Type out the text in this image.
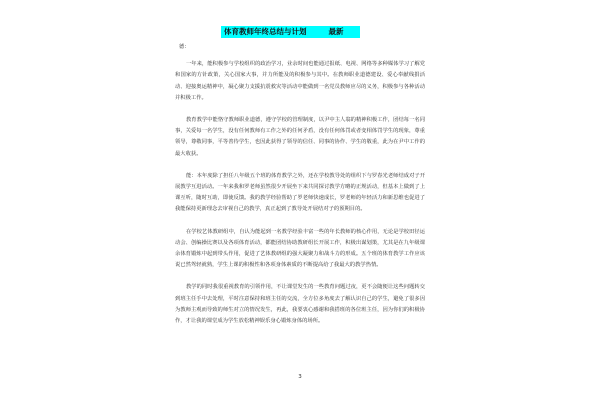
体育教师年终总结与计划	最新

德：

一年来，能积极参与学校组织的政治学习，业余时间也能通过报纸、电视、网络等多种媒体学习了解党和国家的方针政策，关心国家大事，并力所能及的积极参与其中。在教师职业道德建设、爱心奉献线捐活动、迎接奥运精神中，凝心聚力支援抗震救灾等活动中能做到一名党员教师应尽的义务，积极参与各种活动并积极工作。

教育教学中能恪守教师职业道德，遵守学校的管理制度，以尹中主人翁的精神积极工作，团结每一名同事，关爱每一名学生，没有任何教师有工作之外的任何矛盾，没有任何体罚或者变相体罚学生的现象，尊重领导，尊敬同事，平等善待学生，也因此获得了领导的信任、同事的协作、学生的敬重，此为在尹中工作的最大收获。

能：本年度除了担任八年级五个班的体育教学之外，还在学校教导处的组织下与罗春光老师结成对子开展教学互进活动。一年来我和罗老师虽然很少开展坐下来共同探讨教学方略的正规活动，但基本上做到了上课互听，随时互助，即使反馈。我的教学经验帮助了罗老师快速成长，罗老师的年轻活力和新思维也促进了我能保持更新理念去审视自己的教学，真正起到了教导处开展结对子的预期目的。

在学校艺体教研组中，自认为能起到一名教学经验丰富一些的年长教师的核心作用，无论是学校田径运动会、创编操比赛以及各项体育活动，都能团结协助教研组长开展工作，积极出谋划策，尤其是在九年级课余体育锻炼中起到带头作用，促进了艺体教研组的强大凝聚力和战斗力的形成。五个班的体育教学工作应该说已然驾轻就熟，学生上课的积极性和各项身体素质的不断提高给了我最大的教学热情。

教学的同时我很重视教育的引领作用，不让课堂发生的一些教育问题过夜，更不会随便让这些问题转交到班主任手中去处理，平时注意保持和班主任的交流，全方位多角度去了解认识自己的学生，避免了很多因为教师主观而导致的师生对立的情况发生，再此，我要衷心感谢和我搭班的各位班主任，因为你们的积极协作，才让我的课堂成为学生放松精神娱乐身心锻炼身体的场所。

3
